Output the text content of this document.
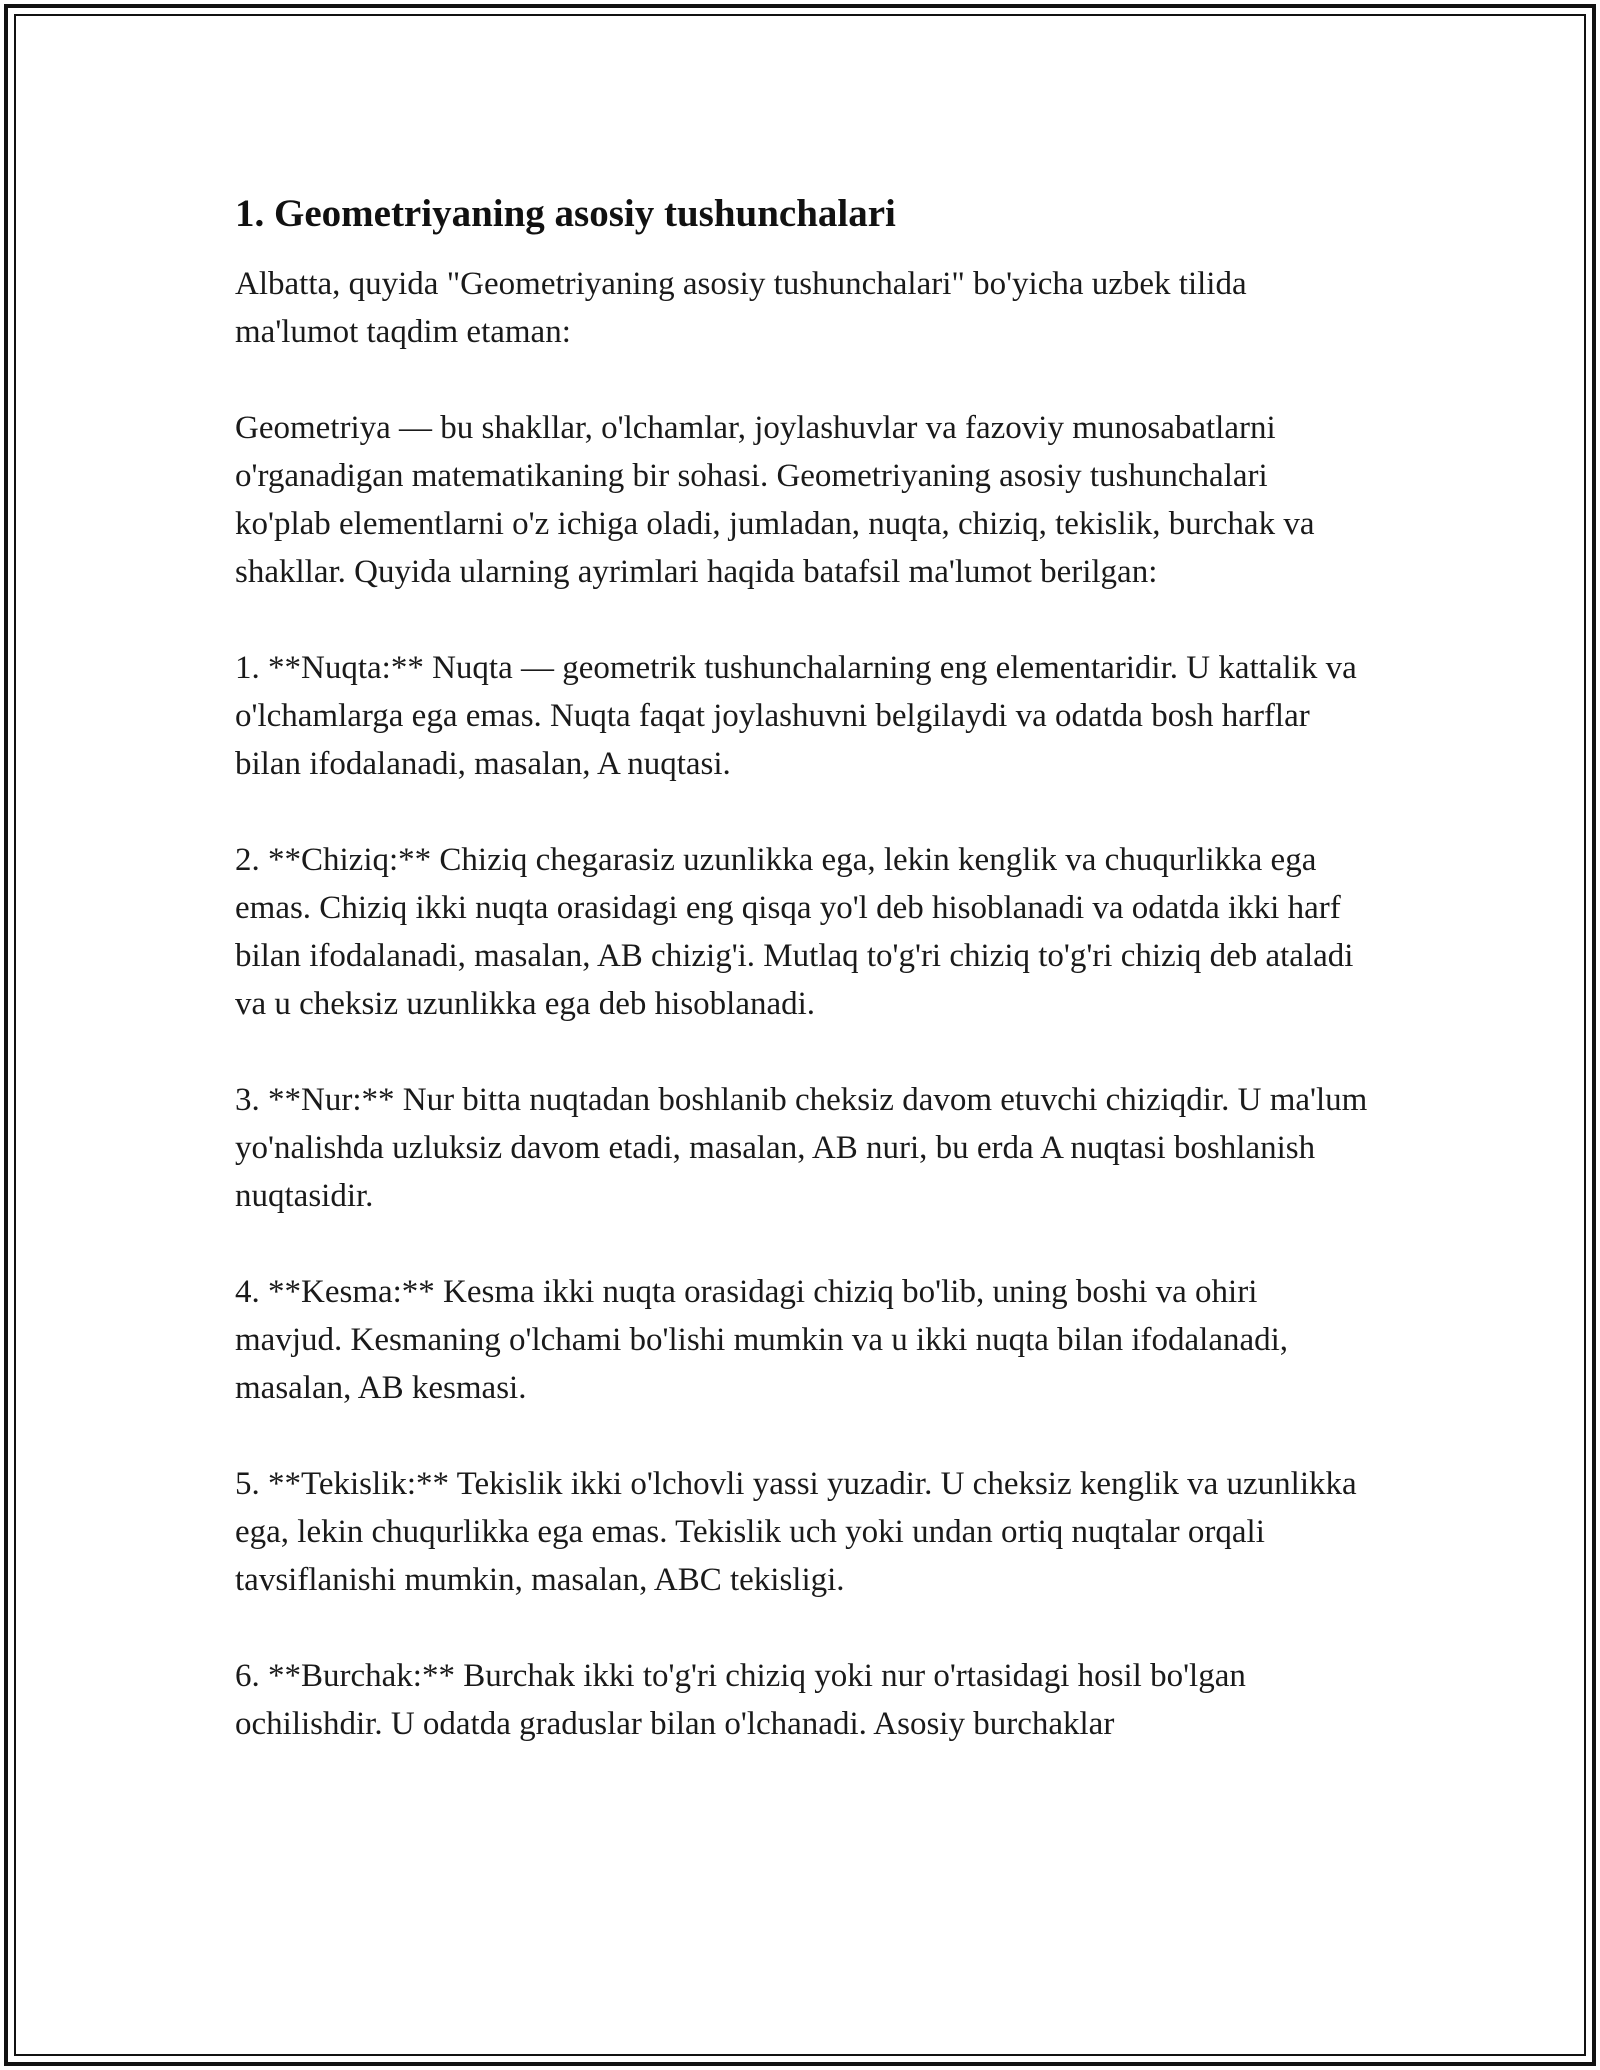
1. Geometriyaning asosiy tushunchalari

Albatta, quyida "Geometriyaning asosiy tushunchalari" bo'yicha uzbek tilida ma'lumot taqdim etaman:

Geometriya — bu shakllar, o'lchamlar, joylashuvlar va fazoviy munosabatlarni o'rganadigan matematikaning bir sohasi. Geometriyaning asosiy tushunchalari ko'plab elementlarni o'z ichiga oladi, jumladan, nuqta, chiziq, tekislik, burchak va shakllar. Quyida ularning ayrimlari haqida batafsil ma'lumot berilgan:

1. **Nuqta:** Nuqta — geometrik tushunchalarning eng elementaridir. U kattalik va o'lchamlarga ega emas. Nuqta faqat joylashuvni belgilaydi va odatda bosh harflar bilan ifodalanadi, masalan, A nuqtasi.

2. **Chiziq:** Chiziq chegarasiz uzunlikka ega, lekin kenglik va chuqurlikka ega emas. Chiziq ikki nuqta orasidagi eng qisqa yo'l deb hisoblanadi va odatda ikki harf bilan ifodalanadi, masalan, AB chizig'i. Mutlaq to'g'ri chiziq to'g'ri chiziq deb ataladi va u cheksiz uzunlikka ega deb hisoblanadi.

3. **Nur:** Nur bitta nuqtadan boshlanib cheksiz davom etuvchi chiziqdir. U ma'lum yo'nalishda uzluksiz davom etadi, masalan, AB nuri, bu erda A nuqtasi boshlanish nuqtasidir.

4. **Kesma:** Kesma ikki nuqta orasidagi chiziq bo'lib, uning boshi va ohiri mavjud. Kesmaning o'lchami bo'lishi mumkin va u ikki nuqta bilan ifodalanadi, masalan, AB kesmasi.

5. **Tekislik:** Tekislik ikki o'lchovli yassi yuzadir. U cheksiz kenglik va uzunlikka ega, lekin chuqurlikka ega emas. Tekislik uch yoki undan ortiq nuqtalar orqali tavsiflanishi mumkin, masalan, ABC tekisligi.

6. **Burchak:** Burchak ikki to'g'ri chiziq yoki nur o'rtasidagi hosil bo'lgan ochilishdir. U odatda graduslar bilan o'lchanadi. Asosiy burchaklar
